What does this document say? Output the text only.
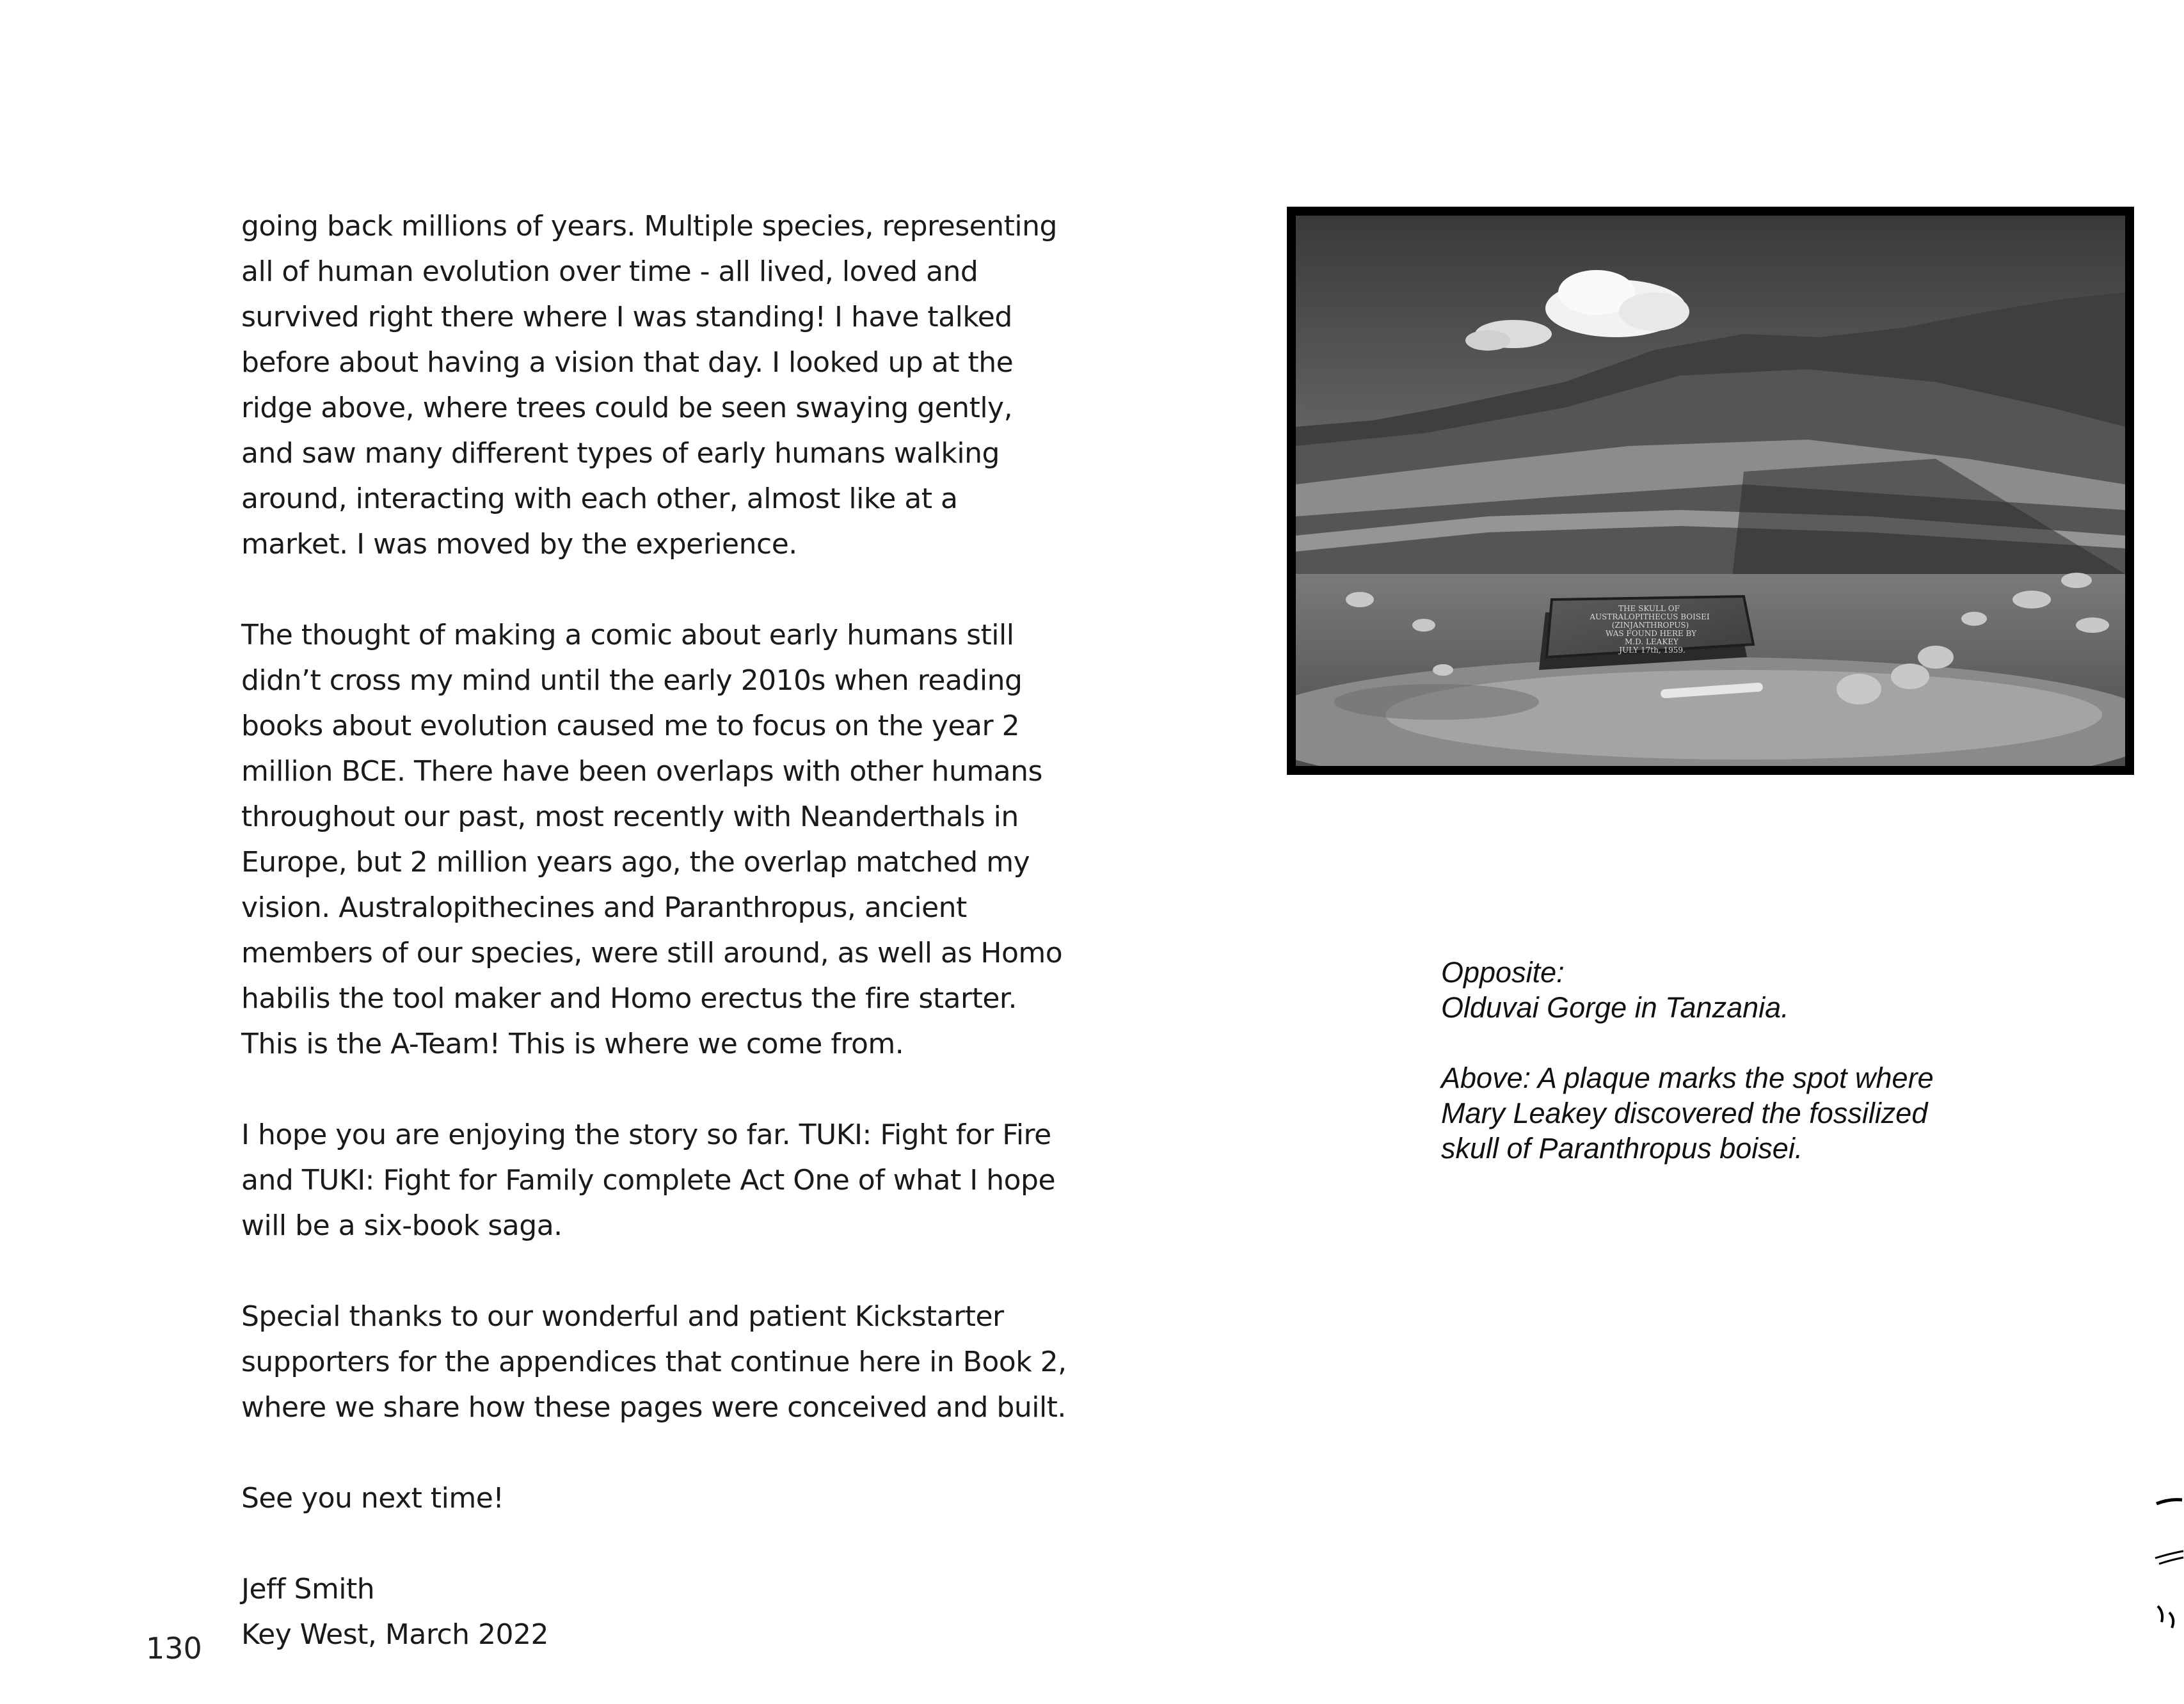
going back millions of years. Multiple species, representing all of human evolution over time - all lived, loved and survived right there where I was standing! I have talked before about having a vision that day. I looked up at the ridge above, where trees could be seen swaying gently, and saw many different types of early humans walking around, interacting with each other, almost like at a market. I was moved by the experience.

The thought of making a comic about early humans still didn’t cross my mind until the early 2010s when reading books about evolution caused me to focus on the year 2 million BCE. There have been overlaps with other humans throughout our past, most recently with Neanderthals in Europe, but 2 million years ago, the overlap matched my vision. Australopithecines and Paranthropus, ancient members of our species, were still around, as well as Homo habilis the tool maker and Homo erectus the fire starter. This is the A-Team! This is where we come from.

I hope you are enjoying the story so far. TUKI: Fight for Fire and TUKI: Fight for Family complete Act One of what I hope will be a six-book saga.

Special thanks to our wonderful and patient Kickstarter supporters for the appendices that continue here in Book 2, where we share how these pages were conceived and built.

See you next time!

Jeff Smith

Key West, March 2022

THE SKULL OF
AUSTRALOPITHECUS BOISEI
(ZINJANTHROPUS)
WAS FOUND HERE BY
M.D. LEAKEY
JULY 17th, 1959.

Opposite:

Olduvai Gorge in Tanzania.

Above: A plaque marks the spot where

Mary Leakey discovered the fossilized

skull of Paranthropus boisei.

130
